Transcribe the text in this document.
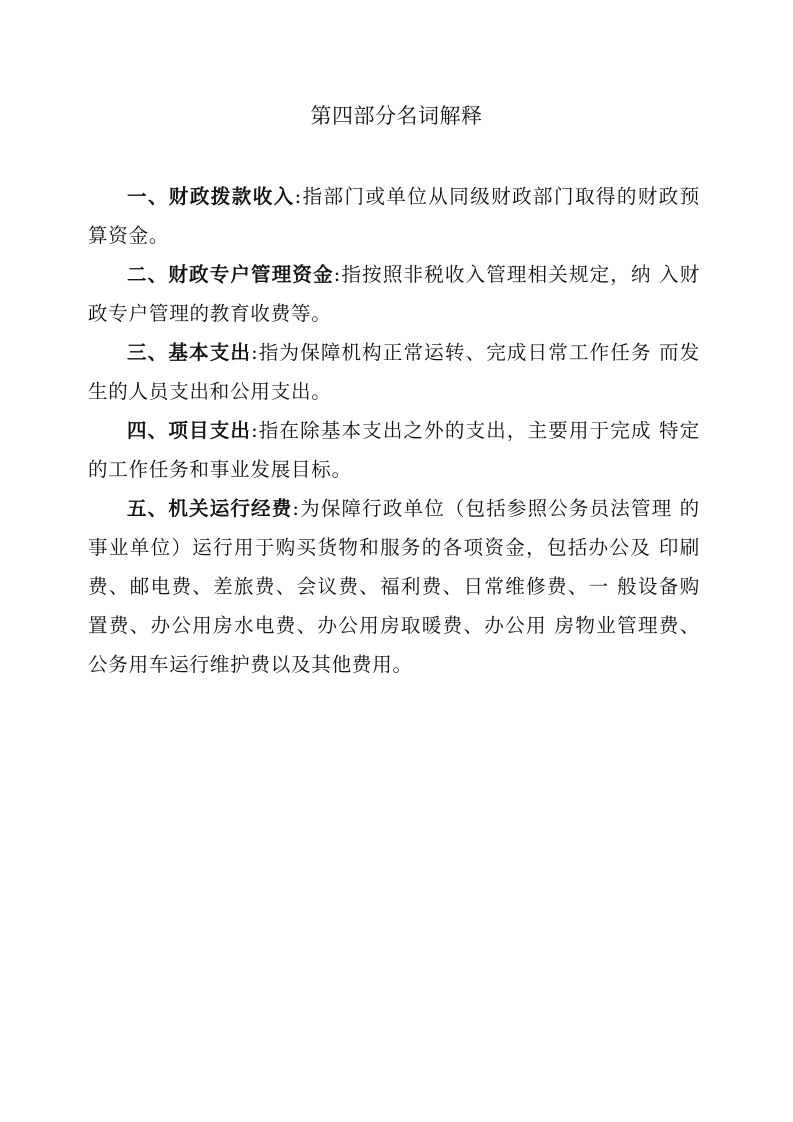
第四部分名词解释

一、财政拨款收入:指部门或单位从同级财政部门取得的财政预算资金。

二、财政专户管理资金:指按照非税收入管理相关规定，纳 入财政专户管理的教育收费等。

三、基本支出:指为保障机构正常运转、完成日常工作任务 而发生的人员支出和公用支出。

四、项目支出:指在除基本支出之外的支出，主要用于完成 特定的工作任务和事业发展目标。

五、机关运行经费:为保障行政单位（包括参照公务员法管理 的事业单位）运行用于购买货物和服务的各项资金，包括办公及 印刷费、邮电费、差旅费、会议费、福利费、日常维修费、一 般设备购置费、办公用房水电费、办公用房取暖费、办公用 房物业管理费、公务用车运行维护费以及其他费用。
